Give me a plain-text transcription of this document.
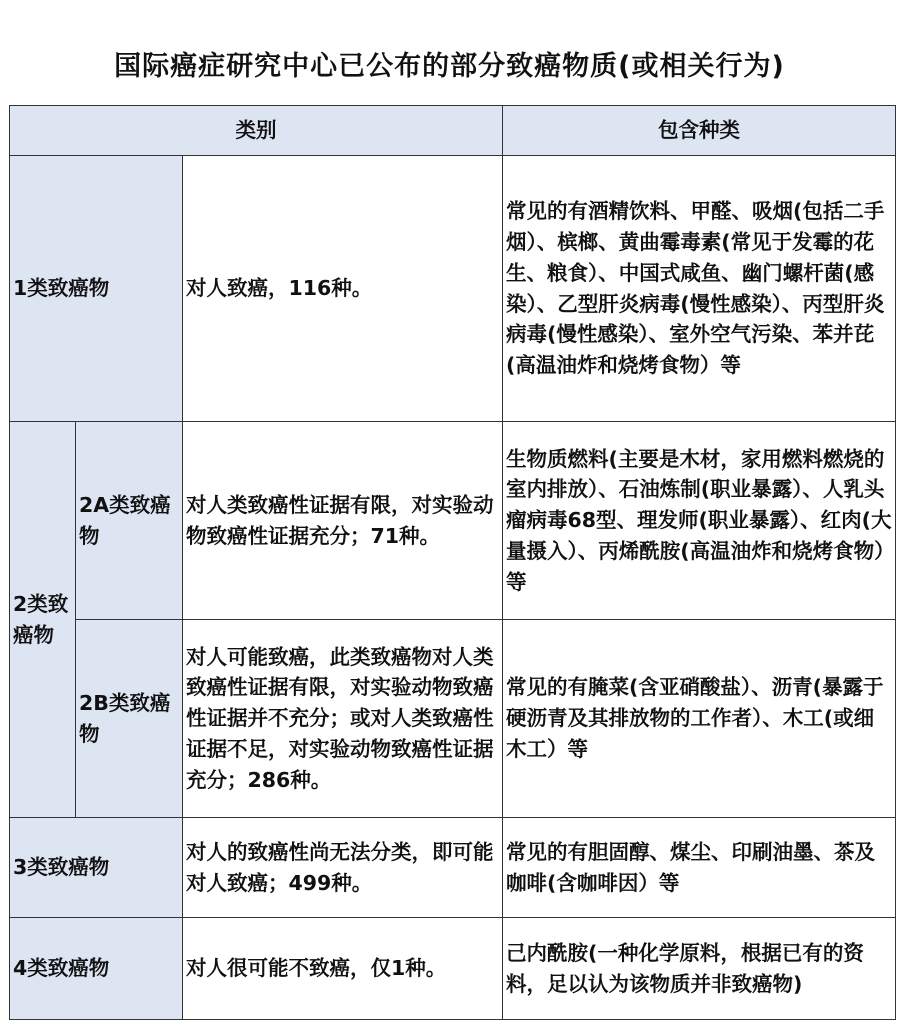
国际癌症研究中心已公布的部分致癌物质(或相关行为)
类别			包含种类
1类致癌物		对人致癌，116种。	常见的有酒精饮料、甲醛、吸烟(包括二手烟）、槟榔、黄曲霉毒素(常见于发霉的花生、粮食）、中国式咸鱼、幽门螺杆菌(感染）、乙型肝炎病毒(慢性感染）、丙型肝炎病毒(慢性感染）、室外空气污染、苯并芘(高温油炸和烧烤食物）等
2类致癌物	2A类致癌物	对人类致癌性证据有限，对实验动物致癌性证据充分；71种。	生物质燃料(主要是木材，家用燃料燃烧的室内排放）、石油炼制(职业暴露）、人乳头瘤病毒68型、理发师(职业暴露）、红肉(大量摄入）、丙烯酰胺(高温油炸和烧烤食物）等
	2B类致癌物	对人可能致癌，此类致癌物对人类致癌性证据有限，对实验动物致癌性证据并不充分；或对人类致癌性证据不足，对实验动物致癌性证据充分；286种。	常见的有腌菜(含亚硝酸盐）、沥青(暴露于硬沥青及其排放物的工作者）、木工(或细木工）等
3类致癌物		对人的致癌性尚无法分类，即可能对人致癌；499种。	常见的有胆固醇、煤尘、印刷油墨、茶及咖啡(含咖啡因）等
4类致癌物		对人很可能不致癌，仅1种。	己内酰胺(一种化学原料，根据已有的资料，足以认为该物质并非致癌物)
